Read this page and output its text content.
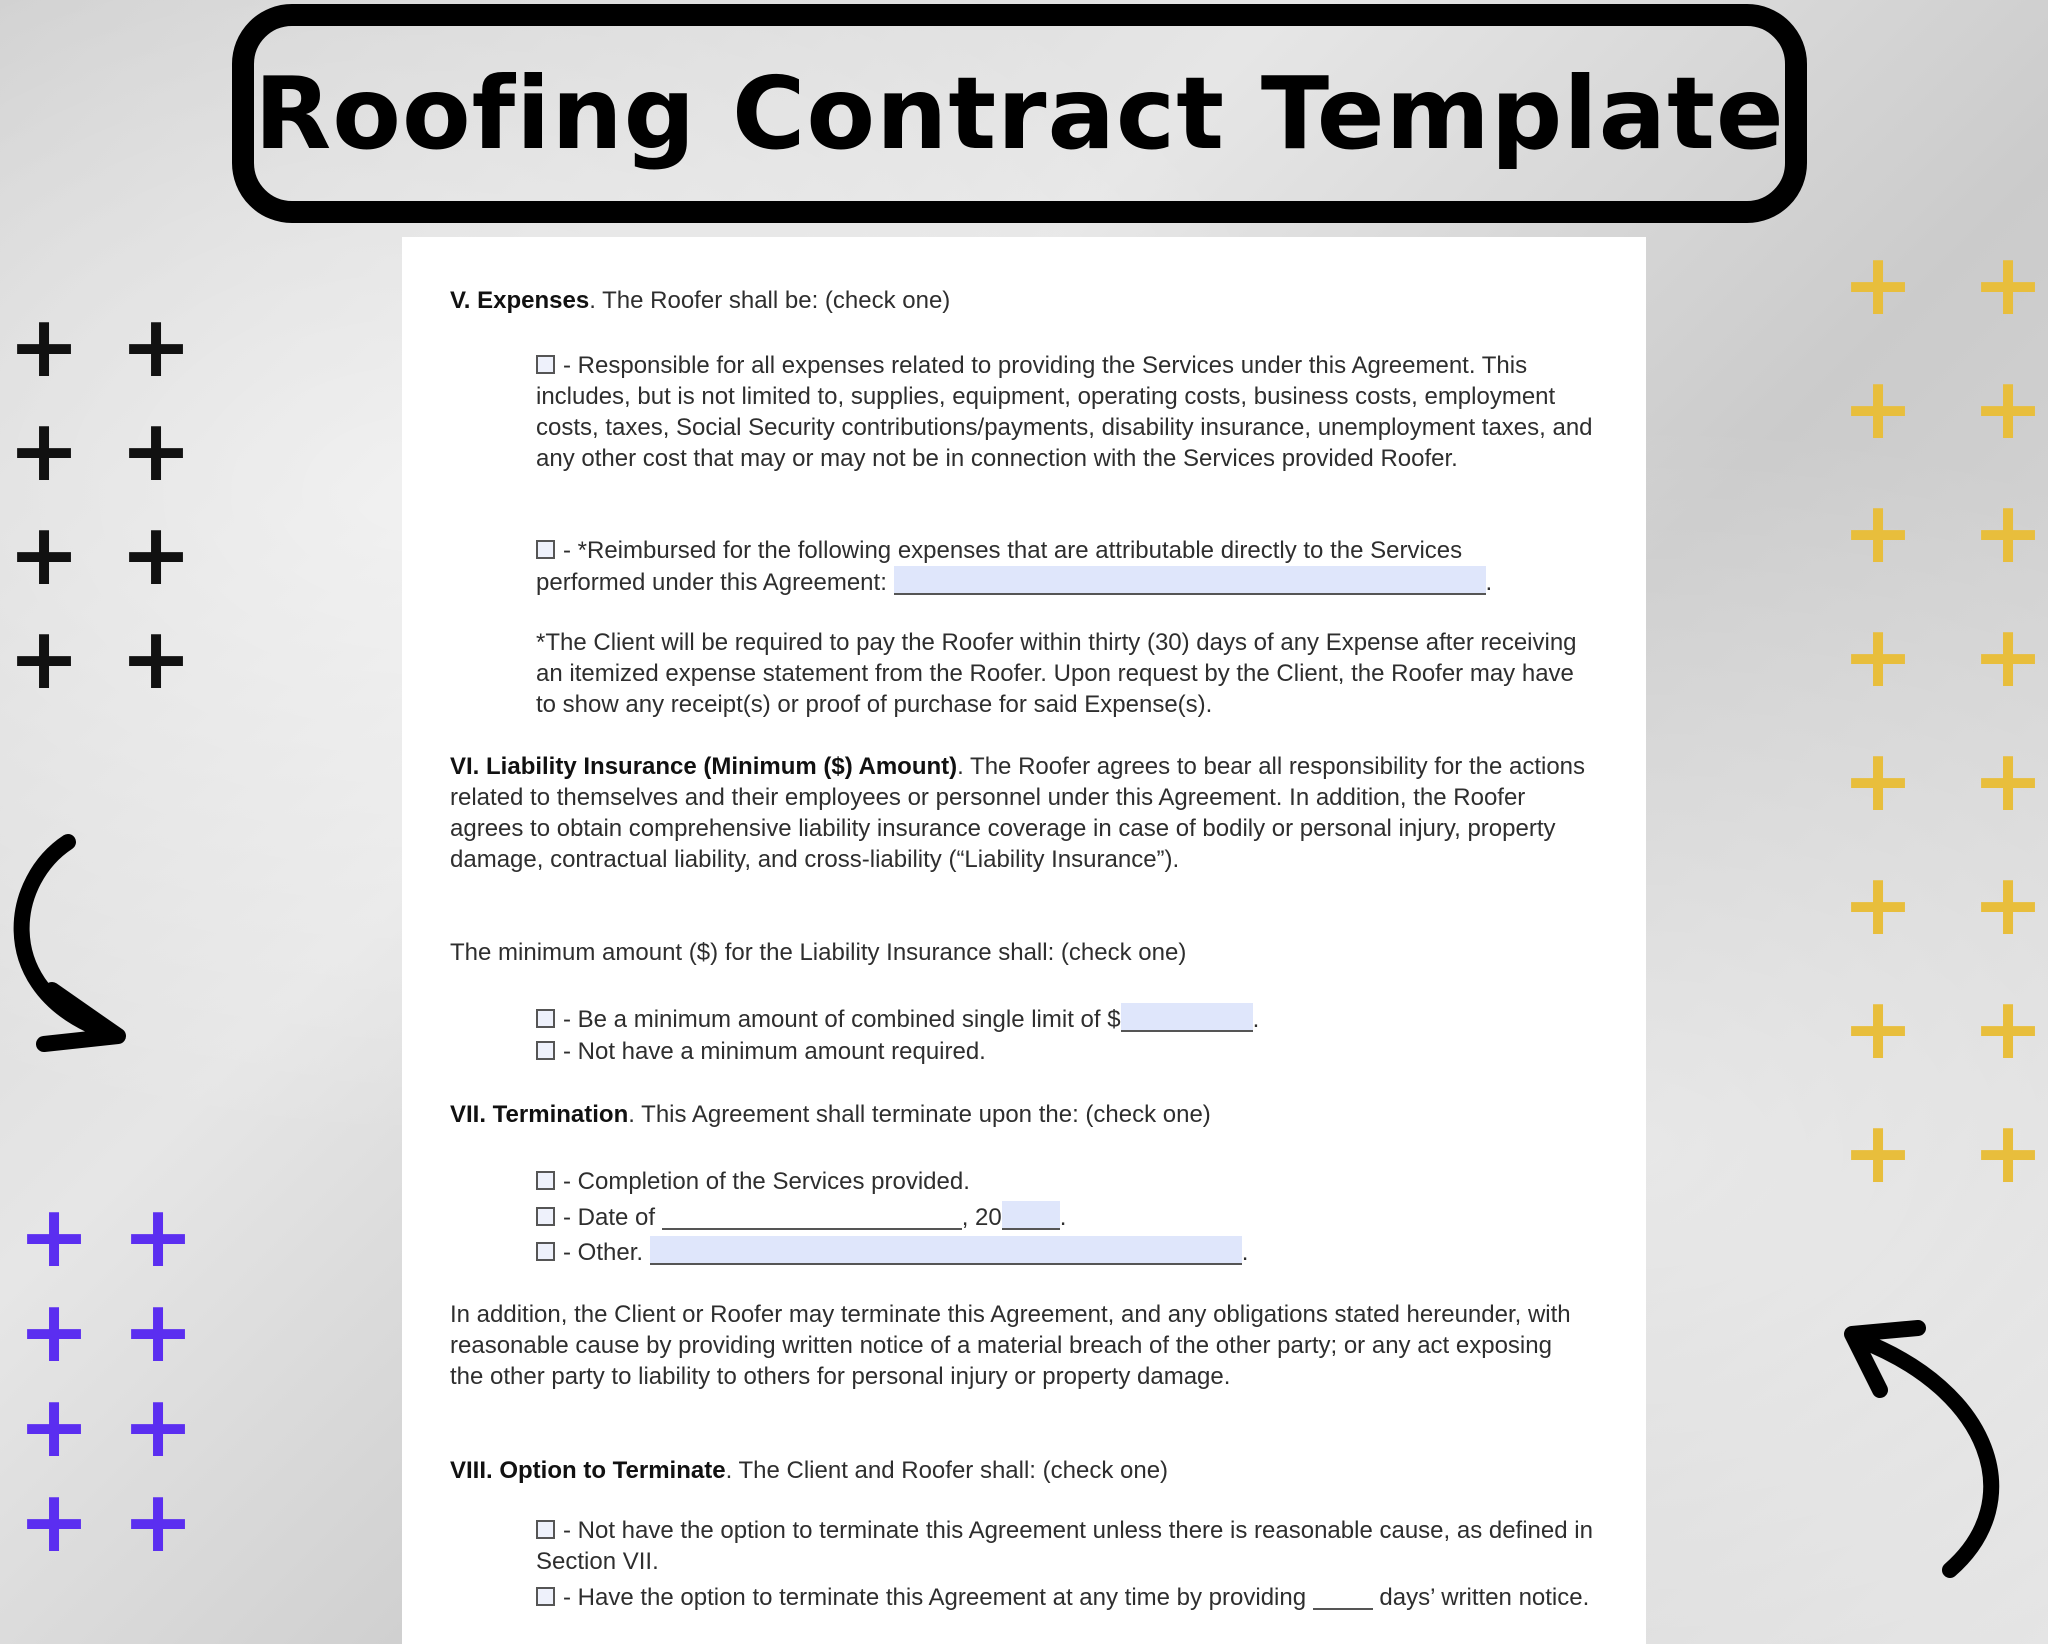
Roofing Contract Template
+ +
+ +
+ +
+ +
+ +
+ +
+ +
+ +
+ +
+ +
+ +
+ +
+ +
+ +
+ +
+ +

V. Expenses. The Roofer shall be: (check one)

- Responsible for all expenses related to providing the Services under this Agreement. This includes, but is not limited to, supplies, equipment, operating costs, business costs, employment costs, taxes, Social Security contributions/payments, disability insurance, unemployment taxes, and any other cost that may or may not be in connection with the Services provided Roofer.

- *Reimbursed for the following expenses that are attributable directly to the Services
performed under this Agreement:	.

*The Client will be required to pay the Roofer within thirty (30) days of any Expense after receiving an itemized expense statement from the Roofer. Upon request by the Client, the Roofer may have to show any receipt(s) or proof of purchase for said Expense(s).

VI. Liability Insurance (Minimum ($) Amount). The Roofer agrees to bear all responsibility for the actions related to themselves and their employees or personnel under this Agreement. In addition, the Roofer agrees to obtain comprehensive liability insurance coverage in case of bodily or personal injury, property damage, contractual liability, and cross-liability (“Liability Insurance”).

The minimum amount ($) for the Liability Insurance shall: (check one)

- Be a minimum amount of combined single limit of $	.

- Not have a minimum amount required.

VII. Termination. This Agreement shall terminate upon the: (check one)

- Completion of the Services provided.

- Date of	, 20 .

- Other.	.

In addition, the Client or Roofer may terminate this Agreement, and any obligations stated hereunder, with reasonable cause by providing written notice of a material breach of the other party; or any act exposing the other party to liability to others for personal injury or property damage.

VIII. Option to Terminate. The Client and Roofer shall: (check one)

- Not have the option to terminate this Agreement unless there is reasonable cause, as defined in Section VII.

- Have the option to terminate this Agreement at any time by providing	days’ written notice.
